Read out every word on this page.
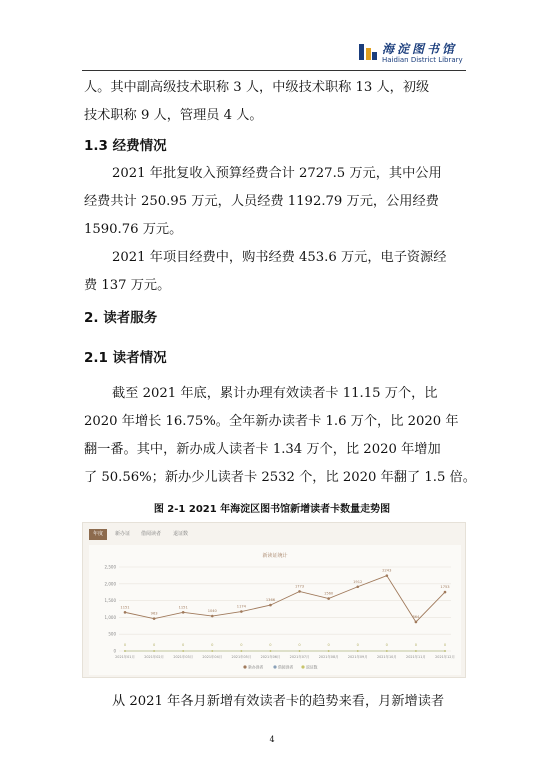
海淀图书馆
Haidian District Library
人。其中副高级技术职称 3 人，中级技术职称 13 人，初级
技术职称 9 人，管理员 4 人。
1.3 经费情况
2021 年批复收入预算经费合计 2727.5 万元，其中公用
经费共计 250.95 万元，人员经费 1192.79 万元，公用经费
1590.76 万元。
2021 年项目经费中，购书经费 453.6 万元，电子资源经
费 137 万元。
2. 读者服务
2.1 读者情况
截至 2021 年底，累计办理有效读者卡 11.15 万个，比
2020 年增长 16.75%。全年新办读者卡 1.6 万个，比 2020 年
翻一番。其中，新办成人读者卡 1.34 万个，比 2020 年增加
了 50.56%；新办少儿读者卡 2532 个，比 2020 年翻了 1.5 倍。
图 2-1 2021 年海淀区图书馆新增读者卡数量走势图
年度	新办证	借阅读者	退证数
新读证统计
0
500
1,000
1,500
2,000
2,500
2021年01月	2021年02月	2021年03月	2021年04月	2021年05月	2021年06月	2021年07月	2021年08月	2021年09月	2021年10月	2021年11月	2021年12月
1151
963
1151
1040
1174
1366
1773
1560
1912
2243
864
1753
0	0	0	0	0	0	0	0	0	0	0	0
新办读者	借阅读者	退证数
从 2021 年各月新增有效读者卡的趋势来看，月新增读者
4
